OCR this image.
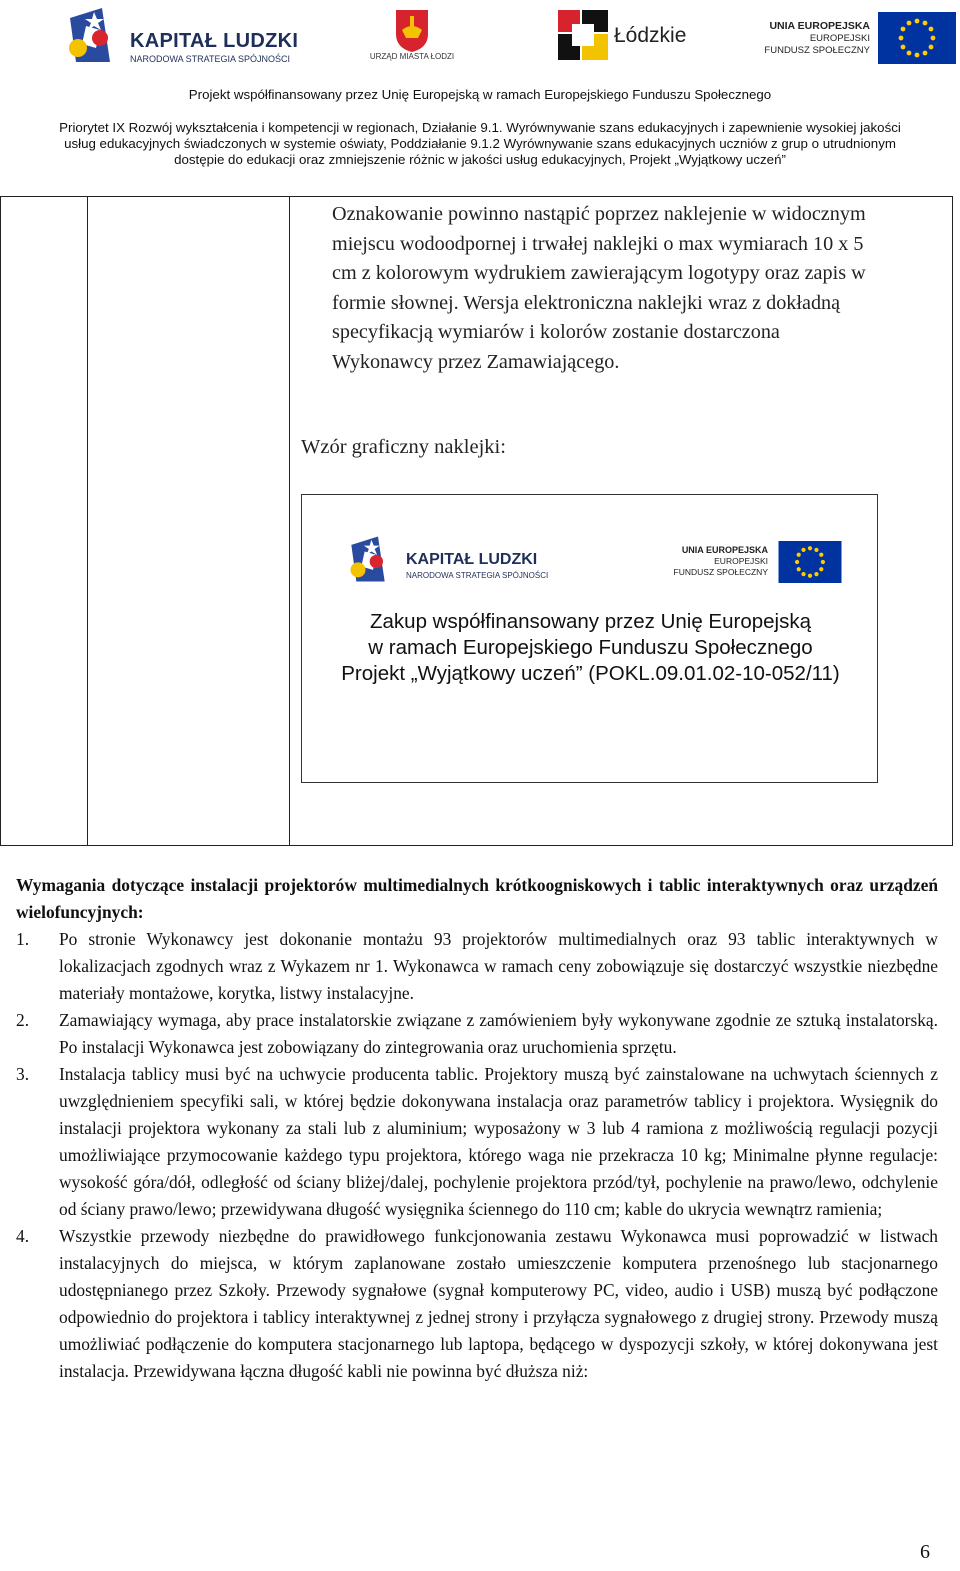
KAPITAŁ LUDZKI
NARODOWA STRATEGIA SPÓJNOŚCI	URZĄD MIASTA ŁODZI
Łódzkie	UNIA EUROPEJSKA
EUROPEJSKI
FUNDUSZ SPOŁECZNY
Projekt współfinansowany przez Unię Europejską w ramach Europejskiego Funduszu Społecznego
Priorytet IX Rozwój wykształcenia i kompetencji w regionach, Działanie 9.1. Wyrównywanie szans edukacyjnych i zapewnienie wysokiej jakości
usług edukacyjnych świadczonych w systemie oświaty, Poddziałanie 9.1.2 Wyrównywanie szans edukacyjnych uczniów z grup o utrudnionym
dostępie do edukacji oraz zmniejszenie różnic w jakości usług edukacyjnych, Projekt „Wyjątkowy uczeń”
Oznakowanie powinno nastąpić poprzez naklejenie w widocznym
miejscu wodoodpornej i trwałej naklejki o max wymiarach 10 x 5
cm z kolorowym wydrukiem zawierającym logotypy oraz zapis w
formie słownej. Wersja elektroniczna naklejki wraz z dokładną
specyfikacją wymiarów i kolorów zostanie dostarczona
Wykonawcy przez Zamawiającego.
Wzór graficzny naklejki:
KAPITAŁ LUDZKI
NARODOWA STRATEGIA SPÓJNOŚCI
UNIA EUROPEJSKA
EUROPEJSKI
FUNDUSZ SPOŁECZNY
Zakup współfinansowany przez Unię Europejską
w ramach Europejskiego Funduszu Społecznego
Projekt „Wyjątkowy uczeń” (POKL.09.01.02-10-052/11)
Wymagania dotyczące instalacji projektorów multimedialnych krótkoogniskowych i tablic interaktywnych oraz urządzeń wielofuncyjnych:
1. Po stronie Wykonawcy jest dokonanie montażu 93 projektorów multimedialnych oraz 93 tablic interaktywnych w lokalizacjach zgodnych wraz z Wykazem nr 1. Wykonawca w ramach ceny zobowiązuje się dostarczyć wszystkie niezbędne materiały montażowe, korytka, listwy instalacyjne.
2. Zamawiający wymaga, aby prace instalatorskie związane z zamówieniem były wykonywane zgodnie ze sztuką instalatorską. Po instalacji Wykonawca jest zobowiązany do zintegrowania oraz uruchomienia sprzętu.
3. Instalacja tablicy musi być na uchwycie producenta tablic. Projektory muszą być zainstalowane na uchwytach ściennych z uwzględnieniem specyfiki sali, w której będzie dokonywana instalacja oraz parametrów tablicy i projektora. Wysięgnik do instalacji projektora wykonany za stali lub z aluminium; wyposażony w 3 lub 4 ramiona z możliwością regulacji pozycji umożliwiające przymocowanie każdego typu projektora, którego waga nie przekracza 10 kg; Minimalne płynne regulacje: wysokość góra/dół, odległość od ściany bliżej/dalej, pochylenie projektora przód/tył, pochylenie na prawo/lewo, odchylenie od ściany prawo/lewo; przewidywana długość wysięgnika ściennego do 110 cm; kable do ukrycia wewnątrz ramienia;
4. Wszystkie przewody niezbędne do prawidłowego funkcjonowania zestawu Wykonawca musi poprowadzić w listwach instalacyjnych do miejsca, w którym zaplanowane zostało umieszczenie komputera przenośnego lub stacjonarnego udostępnianego przez Szkoły. Przewody sygnałowe (sygnał komputerowy PC, video, audio i USB) muszą być podłączone odpowiednio do projektora i tablicy interaktywnej z jednej strony i przyłącza sygnałowego z drugiej strony. Przewody muszą umożliwiać podłączenie do komputera stacjonarnego lub laptopa, będącego w dyspozycji szkoły, w której dokonywana jest instalacja. Przewidywana łączna długość kabli nie powinna być dłuższa niż:
6
